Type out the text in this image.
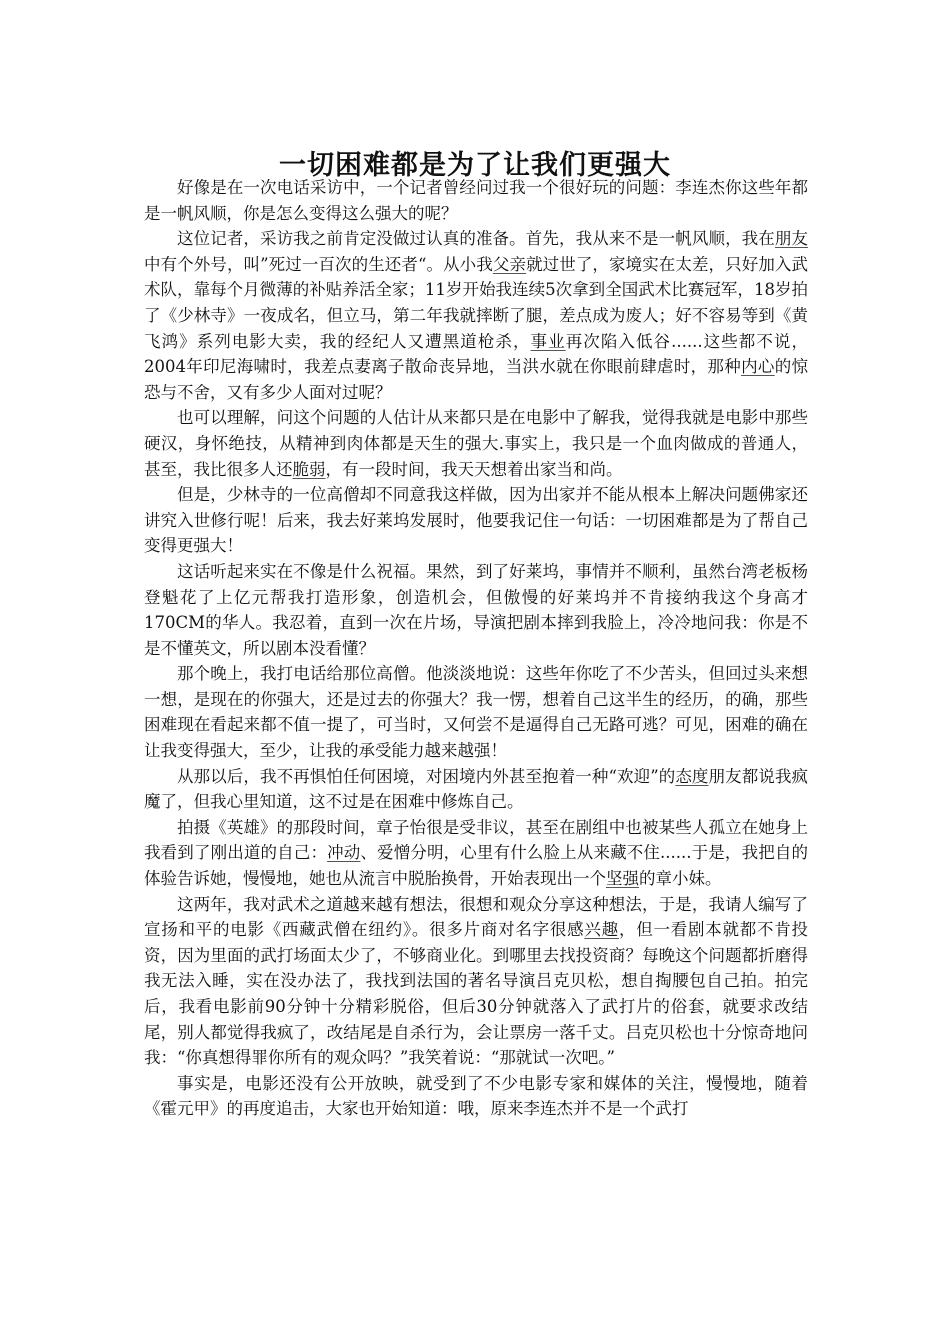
一切困难都是为了让我们更强大

好像是在一次电话采访中，一个记者曾经问过我一个很好玩的问题：李连杰你这些年都是一帆风顺，你是怎么变得这么强大的呢？

这位记者，采访我之前肯定没做过认真的准备。首先，我从来不是一帆风顺，我在朋友中有个外号，叫”死过一百次的生还者“。从小我父亲就过世了，家境实在太差，只好加入武术队，靠每个月微薄的补贴养活全家；11岁开始我连续5次拿到全国武术比赛冠军，18岁拍了《少林寺》一夜成名，但立马，第二年我就摔断了腿，差点成为废人；好不容易等到《黄飞鸿》系列电影大卖，我的经纪人又遭黑道枪杀，事业再次陷入低谷......这些都不说，2004年印尼海啸时，我差点妻离子散命丧异地，当洪水就在你眼前肆虐时，那种内心的惊恐与不舍，又有多少人面对过呢？

也可以理解，问这个问题的人估计从来都只是在电影中了解我，觉得我就是电影中那些硬汉，身怀绝技，从精神到肉体都是天生的强大.事实上，我只是一个血肉做成的普通人，甚至，我比很多人还脆弱，有一段时间，我天天想着出家当和尚。

但是，少林寺的一位高僧却不同意我这样做，因为出家并不能从根本上解决问题佛家还讲究入世修行呢！后来，我去好莱坞发展时，他要我记住一句话：一切困难都是为了帮自己变得更强大！

这话听起来实在不像是什么祝福。果然，到了好莱坞，事情并不顺利，虽然台湾老板杨登魁花了上亿元帮我打造形象，创造机会，但傲慢的好莱坞并不肯接纳我这个身高才170CM的华人。我忍着，直到一次在片场，导演把剧本摔到我脸上，冷冷地问我：你是不是不懂英文，所以剧本没看懂？

那个晚上，我打电话给那位高僧。他淡淡地说：这些年你吃了不少苦头，但回过头来想一想，是现在的你强大，还是过去的你强大？我一愣，想着自己这半生的经历，的确，那些困难现在看起来都不值一提了，可当时，又何尝不是逼得自己无路可逃？可见，困难的确在让我变得强大，至少，让我的承受能力越来越强！

从那以后，我不再惧怕任何困境，对困境内外甚至抱着一种“欢迎”的态度朋友都说我疯魔了，但我心里知道，这不过是在困难中修炼自己。

拍摄《英雄》的那段时间，章子怡很是受非议，甚至在剧组中也被某些人孤立在她身上我看到了刚出道的自己：冲动、爱憎分明，心里有什么脸上从来藏不住......于是，我把自的体验告诉她，慢慢地，她也从流言中脱胎换骨，开始表现出一个坚强的章小妹。

这两年，我对武术之道越来越有想法，很想和观众分享这种想法，于是，我请人编写了宣扬和平的电影《西藏武僧在纽约》。很多片商对名字很感兴趣，但一看剧本就都不肯投资，因为里面的武打场面太少了，不够商业化。到哪里去找投资商？每晚这个问题都折磨得我无法入睡，实在没办法了，我找到法国的著名导演吕克贝松，想自掏腰包自己拍。拍完后，我看电影前90分钟十分精彩脱俗，但后30分钟就落入了武打片的俗套，就要求改结尾，别人都觉得我疯了，改结尾是自杀行为，会让票房一落千丈。吕克贝松也十分惊奇地问我：“你真想得罪你所有的观众吗？”我笑着说：“那就试一次吧。”

事实是，电影还没有公开放映，就受到了不少电影专家和媒体的关注，慢慢地，随着《霍元甲》的再度追击，大家也开始知道：哦，原来李连杰并不是一个武打
